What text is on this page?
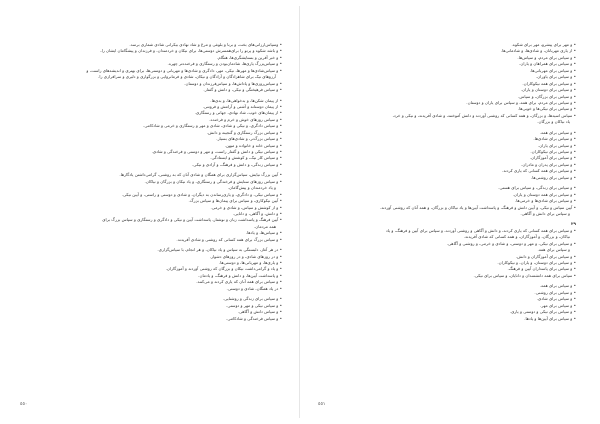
• وسپاس‌ارزانی‌های بخت، و برنا و بلوغی و مرغ و شاد نهادی بیکرانی شادی شماری برسد.
• و باشد شکوه و پرتو را برای‌همسرش دوستی‌ها، برای نیکان و خردمندان، و فرزندان و پیشگامان ایشان را،
• و خبر آفرین و بستایشگری‌ها، هنگام.
• و سپاس‌بزرگ یاری‌ها، شادمان‌بودن و رستگاری و فرخنده‌تر چهره.
• و سپاس‌شادی‌ها و مهرها، نیکی، مهر، دادگری و شادی‌ها و مهربانی و دوستی‌ها، برای بهتری و اندیشه‌های راست، و
آرزوهای نیک برای شاهزادگان و آزادگان و نیکان، شادی و فرمانروایی و بزرگواری و دلیری و سرافرازی را.
• و سپاس‌روزی‌ها و پاداش‌ها، و سپاس‌فرزندان و دوستان.
• و سپاس فرهیختگی و نیکی، و دانش و گفتار.
• از پیمان شکن‌ها، و بدخواهی‌ها، و بدی‌ها.
• از پیمان دوستانه و آشتی و آرامش و فروتنی.
• از پیمان‌های خوب، شاد نهادی، جهانی و رستگاری.
• و سپاس روزهای خوش و خرم و فرخنده.
• و سپاس دادگری، و نیکی و شادی، شادی و مهر و رستگاری و خرمی و شادکامی.
• و سپاس بزرگ رستگاری و گنجینه و دانش.
• و سپاس بزرگ‌تر، و شادی‌های بسیار.
• و سپاس خانه و خانواده و میهن.
• و سپاس نیکی و دانش و گفتار راست، و مهر و دوستی و فرخندگی و شادی.
• و سپاس کار نیک، و کوشش و ایستادگی.
• و سپاس زندگی، و دانش و فرهنگ، و آزادی و نیکی.
• آیین بزرگ نیایش، سپاس‌گزاری برای همگان و شادی آنان که به روشنی، گرامی‌داشتن یادگارها.
• و سپاس روزهای ستایش و فرخندگی و رستگاری، و یاد نیکان و بزرگان و نیاکان.
و یاد خردمندان و پیش‌گامان.
• و سپاس نیکی، و دادگری، و یاری‌رساندن به دیگران، و شادی و دوستی و راستی، و آیین نیکی.
• آیین نیکوکاری، و سپاس برای پیمان‌ها و سپاس بزرگ.
• و از کوشش و سپاس، و شادی و خرمی.
• و دانش، و آگاهی، و دانایی.
• آیین فرهنگ و پاسداشت زبان و نوشتار، پاسداشت آیین و نیکی و دادگری و رستگاری و سپاس بزرگ برای
همه مردمان.
• و سپاس‌ها، و یادها.
• و سپاس بزرگ برای همه کسانی که روشنی و شادی آفریدند.
• در هر آغاز، دلبستگی به سپاس و یاد نیاکان، و هر انجام، با سپاس‌گزاری.
• و در روزهای شادی، و در روزهای دشوار.
• و یاری‌ها، و مهربانی‌ها، و دوستی‌ها.
• و یاد و گرامی‌داشت نیکان و بزرگان که روشنی آوردند و آموزگاران.
• و پاسداشت آیین‌ها، و دانش و فرهنگ، و یادمان.
• و سپاس برای همه آنان که یاری کردند و می‌کنند.
• در یاد همگان، شادی و دوستی.
• و سپاس برای زندگی و روشنایی.
• و سپاس نیکی و مهر و دوستی.
• و سپاس دانش و آگاهی.
• و سپاس فرخندگی و شادکامی.
٥٥٠
• و مهر برای پیشرو، مهر برای شکوه.
• از یاری مهربانان، و شادی‌ها، و شادمانی‌ها.
• و سپاس برای مردم، و سپاس‌ها.
• و سپاس برای همراهان و یاران.
• و سپاس برای مهربانی‌ها.
• و سپاس برای یاوران.
• و سپاس برای همه نیکوکاران.
• و سپاس برای دوستان و یاران.
• و سپاس برای بزرگان، و سپاس.
• و سپاس برای مردم، برای همه، و سپاس برای یاران و دوستان.
• و سپاس برای نیکی‌ها و خوبی‌ها.
• سپاس اسیدها، و بزرگان، و همه کسانی که روشنی آوردند و دانش آموختند، و شادی آفریدند، و نیکی و خرد،
یاد نیاکان و بزرگان.
• و سپاس برای همه.
• و سپاس برای شادی‌ها.
• و سپاس برای یاران.
• و سپاس برای نیکوکاران.
• و سپاس برای آموزگاران.
• و سپاس برای پدران و مادران.
• و سپاس برای همه کسانی که یاری کردند.
• و سپاس برای روشنی‌ها.
• و سپاس برای زندگی، و سپاس برای هستی.
• و سپاس برای همه دوستان و یاران.
• و سپاس برای شادی‌ها و خرمی‌ها.
• آیین سپاس و نیکی، و آیین دانش و فرهنگ، و پاسداشت آیین‌ها و یاد نیاکان و بزرگان، و همه آنان که روشنی آوردند.
و سپاس برای دانش و آگاهی.
٢٩
• و سپاس برای همه کسانی که یاری کردند، و دانش و آگاهی و روشنی آوردند، و سپاس برای آیین و فرهنگ، و یاد
نیاکان، و بزرگان، و آموزگاران، و همه کسانی که شادی آفریدند.
• و سپاس برای نیکی، و مهر و دوستی، و شادی و خرمی، و روشنی و آگاهی.
و سپاس برای همه.
• و سپاس برای آموزگاران و دانش.
• و سپاس برای دوستان، و یاران، و نیکوکاران.
• و سپاس برای پاسداران آیین و فرهنگ.
• سپاس برای همه دانشمندان و دانایان، و سپاس برای نیکی.
• و سپاس برای همه.
• و سپاس برای روشنی.
• و سپاس برای شادی.
• و سپاس برای مهر.
• و سپاس برای نیکی و دوستی و یاری.
• و سپاس برای آیین‌ها و یادها.
٥٥١
